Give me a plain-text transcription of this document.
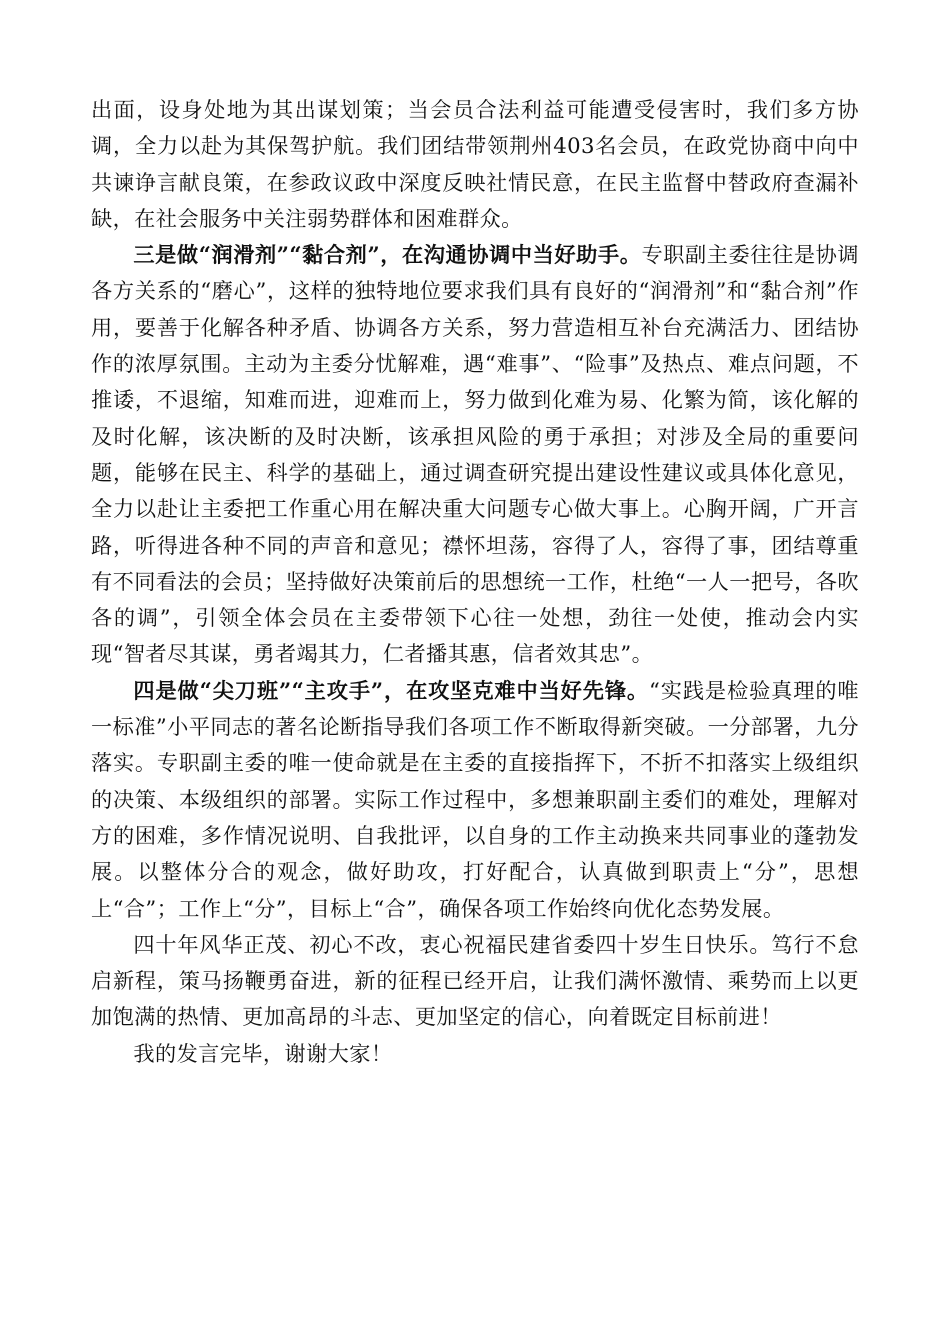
出面，设身处地为其出谋划策；当会员合法利益可能遭受侵害时，我们多方协调，全力以赴为其保驾护航。我们团结带领荆州403名会员，在政党协商中向中共谏诤言献良策，在参政议政中深度反映社情民意，在民主监督中替政府查漏补缺，在社会服务中关注弱势群体和困难群众。

三是做“润滑剂”“黏合剂”，在沟通协调中当好助手。专职副主委往往是协调各方关系的“磨心”，这样的独特地位要求我们具有良好的“润滑剂”和“黏合剂”作用，要善于化解各种矛盾、协调各方关系，努力营造相互补台充满活力、团结协作的浓厚氛围。主动为主委分忧解难，遇“难事”、“险事”及热点、难点问题，不推诿，不退缩，知难而进，迎难而上，努力做到化难为易、化繁为简，该化解的及时化解，该决断的及时决断，该承担风险的勇于承担；对涉及全局的重要问题，能够在民主、科学的基础上，通过调查研究提出建设性建议或具体化意见，全力以赴让主委把工作重心用在解决重大问题专心做大事上。心胸开阔，广开言路，听得进各种不同的声音和意见；襟怀坦荡，容得了人，容得了事，团结尊重有不同看法的会员；坚持做好决策前后的思想统一工作，杜绝“一人一把号，各吹各的调”，引领全体会员在主委带领下心往一处想，劲往一处使，推动会内实现“智者尽其谋，勇者竭其力，仁者播其惠，信者效其忠”。

四是做“尖刀班”“主攻手”，在攻坚克难中当好先锋。“实践是检验真理的唯一标准”小平同志的著名论断指导我们各项工作不断取得新突破。一分部署，九分落实。专职副主委的唯一使命就是在主委的直接指挥下，不折不扣落实上级组织的决策、本级组织的部署。实际工作过程中，多想兼职副主委们的难处，理解对方的困难，多作情况说明、自我批评，以自身的工作主动换来共同事业的蓬勃发展。以整体分合的观念，做好助攻，打好配合，认真做到职责上“分”，思想上“合”；工作上“分”，目标上“合”，确保各项工作始终向优化态势发展。

四十年风华正茂、初心不改，衷心祝福民建省委四十岁生日快乐。笃行不怠启新程，策马扬鞭勇奋进，新的征程已经开启，让我们满怀激情、乘势而上以更加饱满的热情、更加高昂的斗志、更加坚定的信心，向着既定目标前进！

我的发言完毕，谢谢大家！
